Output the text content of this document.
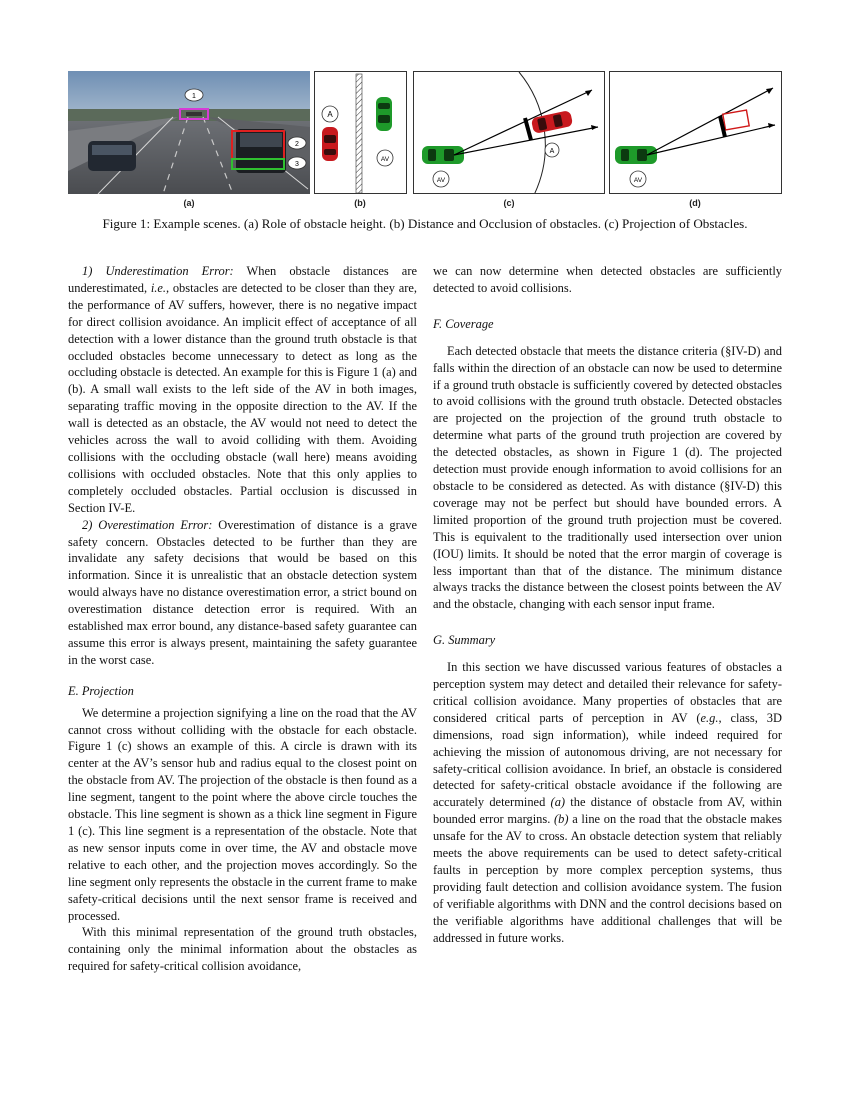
1
2
3
A
AV
A
AV	AV
(a)	(b)	(c)	(d)
Figure 1: Example scenes. (a) Role of obstacle height. (b) Distance and Occlusion of obstacles. (c) Projection of Obstacles.

1) Underestimation Error: When obstacle distances are underestimated, i.e., obstacles are detected to be closer than they are, the performance of AV suffers, however, there is no negative impact for direct collision avoidance. An implicit effect of acceptance of all detection with a lower distance than the ground truth obstacle is that occluded obstacles become unnecessary to detect as long as the occluding obstacle is detected. An example for this is Figure 1 (a) and (b). A small wall exists to the left side of the AV in both images, separating traffic moving in the opposite direction to the AV. If the wall is detected as an obstacle, the AV would not need to detect the vehicles across the wall to avoid colliding with them. Avoiding collisions with the occluding obstacle (wall here) means avoiding collisions with occluded obstacles. Note that this only applies to completely occluded obstacles. Partial occlusion is discussed in Section IV-E.

2) Overestimation Error: Overestimation of distance is a grave safety concern. Obstacles detected to be further than they are invalidate any safety decisions that would be based on this information. Since it is unrealistic that an obstacle detection system would always have no distance overestimation error, a strict bound on overestimation distance detection error is required. With an established max error bound, any distance-based safety guarantee can assume this error is always present, maintaining the safety guarantee in the worst case.

E. Projection

We determine a projection signifying a line on the road that the AV cannot cross without colliding with the obstacle for each obstacle. Figure 1 (c) shows an example of this. A circle is drawn with its center at the AV’s sensor hub and radius equal to the closest point on the obstacle from AV. The projection of the obstacle is then found as a line segment, tangent to the point where the above circle touches the obstacle. This line segment is shown as a thick line segment in Figure 1 (c). This line segment is a representation of the obstacle. Note that as new sensor inputs come in over time, the AV and obstacle move relative to each other, and the projection moves accordingly. So the line segment only represents the obstacle in the current frame to make safety-critical decisions until the next sensor frame is received and processed.

With this minimal representation of the ground truth obstacles, containing only the minimal information about the obstacles as required for safety-critical collision avoidance,

we can now determine when detected obstacles are sufficiently detected to avoid collisions.

F. Coverage

Each detected obstacle that meets the distance criteria (§IV-D) and falls within the direction of an obstacle can now be used to determine if a ground truth obstacle is sufficiently covered by detected obstacles to avoid collisions with the ground truth obstacle. Detected obstacles are projected on the projection of the ground truth obstacle to determine what parts of the ground truth projection are covered by the detected obstacles, as shown in Figure 1 (d). The projected detection must provide enough information to avoid collisions for an obstacle to be considered as detected. As with distance (§IV-D) this coverage may not be perfect but should have bounded errors. A limited proportion of the ground truth projection must be covered. This is equivalent to the traditionally used intersection over union (IOU) limits. It should be noted that the error margin of coverage is less important than that of the distance. The minimum distance always tracks the distance between the closest points between the AV and the obstacle, changing with each sensor input frame.

G. Summary

In this section we have discussed various features of obstacles a perception system may detect and detailed their relevance for safety-critical collision avoidance. Many properties of obstacles that are considered critical parts of perception in AV (e.g., class, 3D dimensions, road sign information), while indeed required for achieving the mission of autonomous driving, are not necessary for safety-critical collision avoidance. In brief, an obstacle is considered detected for safety-critical obstacle avoidance if the following are accurately determined (a) the distance of obstacle from AV, within bounded error margins. (b) a line on the road that the obstacle makes unsafe for the AV to cross. An obstacle detection system that reliably meets the above requirements can be used to detect safety-critical faults in perception by more complex perception systems, thus providing fault detection and collision avoidance system. The fusion of verifiable algorithms with DNN and the control decisions based on the verifiable algorithms have additional challenges that will be addressed in future works.
